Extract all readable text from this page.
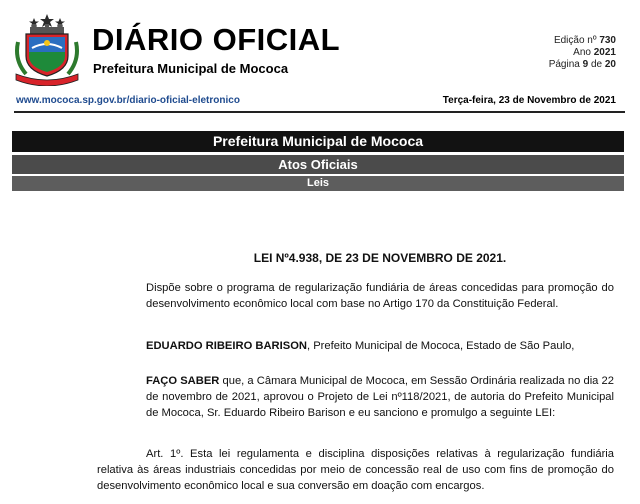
DIÁRIO OFICIAL
Prefeitura Municipal de Mococa
Edição nº 730
Ano 2021
Página 9 de 20
www.mococa.sp.gov.br/diario-oficial-eletronico	Terça-feira, 23 de Novembro de 2021
Prefeitura Municipal de Mococa
Atos Oficiais
Leis
LEI Nº4.938, DE 23 DE NOVEMBRO DE 2021.
Dispõe sobre o programa de regularização fundiária de áreas concedidas para promoção do desenvolvimento econômico local com base no Artigo 170 da Constituição Federal.
EDUARDO RIBEIRO BARISON, Prefeito Municipal de Mococa, Estado de São Paulo,
FAÇO SABER que, a Câmara Municipal de Mococa, em Sessão Ordinária realizada no dia 22 de novembro de 2021, aprovou o Projeto de Lei nº118/2021, de autoria do Prefeito Municipal de Mococa, Sr. Eduardo Ribeiro Barison e eu sanciono e promulgo a seguinte LEI:
Art. 1º. Esta lei regulamenta e disciplina disposições relativas à regularização fundiária relativa às áreas industriais concedidas por meio de concessão real de uso com fins de promoção do desenvolvimento econômico local e sua conversão em doação com encargos.
